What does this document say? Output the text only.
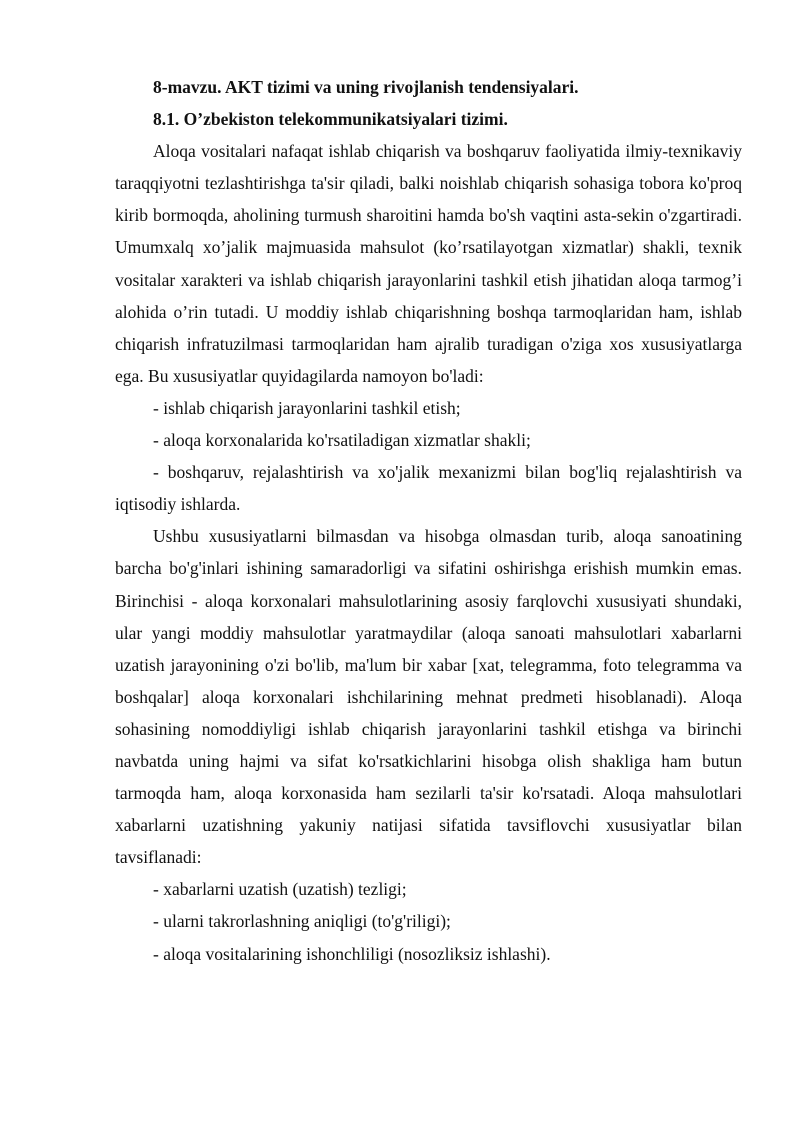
8-mavzu. AKT tizimi va uning rivojlanish tendensiyalari.

8.1. O’zbekiston telekommunikatsiyalari tizimi.

Aloqa vositalari nafaqat ishlab chiqarish va boshqaruv faoliyatida ilmiy-texnikaviy taraqqiyotni tezlashtirishga ta'sir qiladi, balki noishlab chiqarish sohasiga tobora ko'proq kirib bormoqda, aholining turmush sharoitini hamda bo'sh vaqtini asta-sekin o'zgartiradi. Umumxalq xo’jalik majmuasida mahsulot (ko’rsatilayotgan xizmatlar) shakli, texnik vositalar xarakteri va ishlab chiqarish jarayonlarini tashkil etish jihatidan aloqa tarmog’i alohida o’rin tutadi. U moddiy ishlab chiqarishning boshqa tarmoqlaridan ham, ishlab chiqarish infratuzilmasi tarmoqlaridan ham ajralib turadigan o'ziga xos xususiyatlarga ega. Bu xususiyatlar quyidagilarda namoyon bo'ladi:

- ishlab chiqarish jarayonlarini tashkil etish;

- aloqa korxonalarida ko'rsatiladigan xizmatlar shakli;

- boshqaruv, rejalashtirish va xo'jalik mexanizmi bilan bog'liq rejalashtirish va iqtisodiy ishlarda.

Ushbu xususiyatlarni bilmasdan va hisobga olmasdan turib, aloqa sanoatining barcha bo'g'inlari ishining samaradorligi va sifatini oshirishga erishish mumkin emas. Birinchisi - aloqa korxonalari mahsulotlarining asosiy farqlovchi xususiyati shundaki, ular yangi moddiy mahsulotlar yaratmaydilar (aloqa sanoati mahsulotlari xabarlarni uzatish jarayonining o'zi bo'lib, ma'lum bir xabar [xat, telegramma, foto telegramma va boshqalar] aloqa korxonalari ishchilarining mehnat predmeti hisoblanadi). Aloqa sohasining nomoddiyligi ishlab chiqarish jarayonlarini tashkil etishga va birinchi navbatda uning hajmi va sifat ko'rsatkichlarini hisobga olish shakliga ham butun tarmoqda ham, aloqa korxonasida ham sezilarli ta'sir ko'rsatadi. Aloqa mahsulotlari xabarlarni uzatishning yakuniy natijasi sifatida tavsiflovchi xususiyatlar bilan tavsiflanadi:

- xabarlarni uzatish (uzatish) tezligi;

- ularni takrorlashning aniqligi (to'g'riligi);

- aloqa vositalarining ishonchliligi (nosozliksiz ishlashi).
